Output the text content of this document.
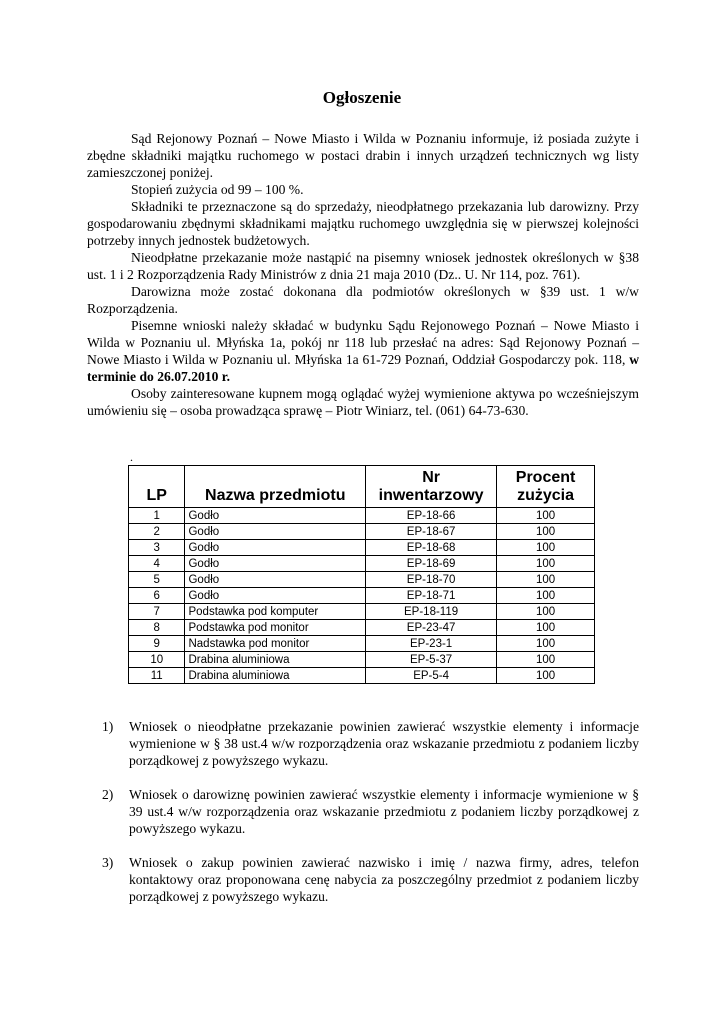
Ogłoszenie

Sąd Rejonowy Poznań – Nowe Miasto i Wilda w Poznaniu informuje, iż posiada zużyte i zbędne składniki majątku ruchomego w postaci drabin i innych urządzeń technicznych wg listy zamieszczonej poniżej.

Stopień zużycia od 99 – 100 %.

Składniki te przeznaczone są do sprzedaży, nieodpłatnego przekazania lub darowizny. Przy gospodarowaniu zbędnymi składnikami majątku ruchomego uwzględnia się w pierwszej kolejności potrzeby innych jednostek budżetowych.

Nieodpłatne przekazanie może nastąpić na pisemny wniosek jednostek określonych w §38 ust. 1 i 2 Rozporządzenia Rady Ministrów z dnia 21 maja 2010 (Dz.. U. Nr 114, poz. 761).

Darowizna może zostać dokonana dla podmiotów określonych w §39 ust. 1 w/w Rozporządzenia.

Pisemne wnioski należy składać w budynku Sądu Rejonowego Poznań – Nowe Miasto i Wilda w Poznaniu ul. Młyńska 1a, pokój nr 118 lub przesłać na adres: Sąd Rejonowy Poznań – Nowe Miasto i Wilda w Poznaniu ul. Młyńska 1a 61-729 Poznań, Oddział Gospodarczy pok. 118, w terminie do 26.07.2010 r.

Osoby zainteresowane kupnem mogą oglądać wyżej wymienione aktywa po wcześniejszym umówieniu się – osoba prowadząca sprawę – Piotr Winiarz, tel. (061) 64-73-630.

.
LP	Nazwa przedmiotu	Nr inwentarzowy	Procent zużycia
1	Godło	EP-18-66	100
2	Godło	EP-18-67	100
3	Godło	EP-18-68	100
4	Godło	EP-18-69	100
5	Godło	EP-18-70	100
6	Godło	EP-18-71	100
7	Podstawka pod komputer	EP-18-119	100
8	Podstawka pod monitor	EP-23-47	100
9	Nadstawka pod monitor	EP-23-1	100
10	Drabina aluminiowa	EP-5-37	100
11	Drabina aluminiowa	EP-5-4	100
1) Wniosek o nieodpłatne przekazanie powinien zawierać wszystkie elementy i informacje wymienione w § 38 ust.4 w/w rozporządzenia oraz wskazanie przedmiotu z podaniem liczby porządkowej z powyższego wykazu.
2) Wniosek o darowiznę powinien zawierać wszystkie elementy i informacje wymienione w § 39 ust.4 w/w rozporządzenia oraz wskazanie przedmiotu z podaniem liczby porządkowej z powyższego wykazu.
3) Wniosek o zakup powinien zawierać nazwisko i imię / nazwa firmy, adres, telefon kontaktowy oraz proponowana cenę nabycia za poszczególny przedmiot z podaniem liczby porządkowej z powyższego wykazu.
